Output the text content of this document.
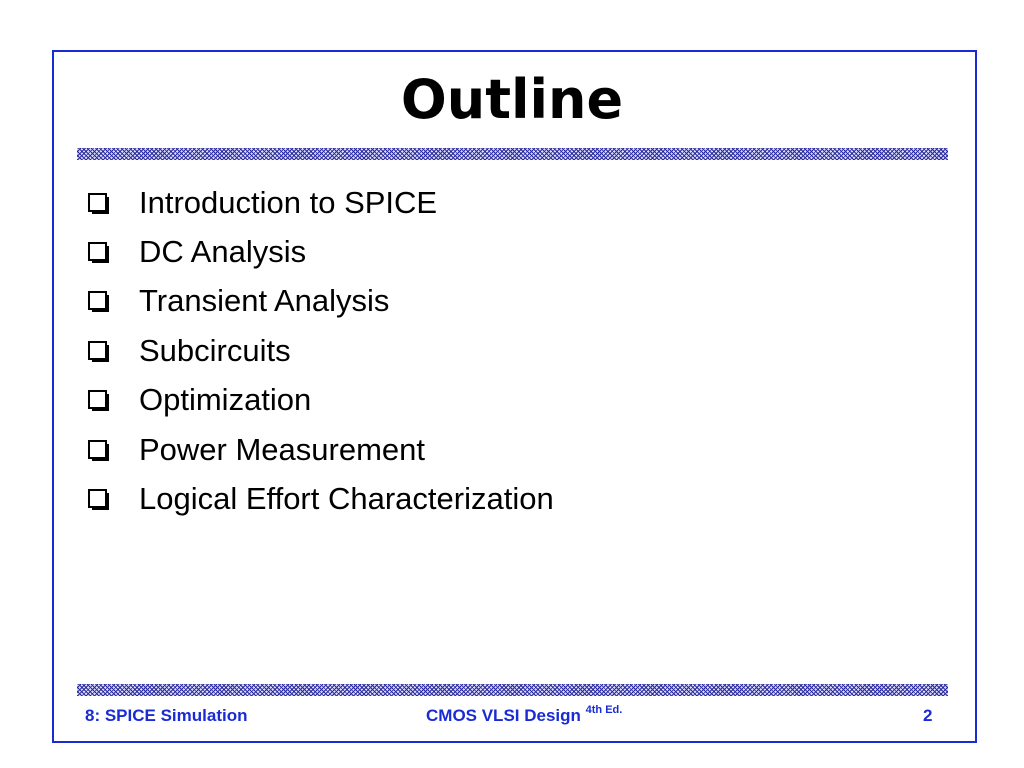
Outline
Introduction to SPICE
DC Analysis
Transient Analysis
Subcircuits
Optimization
Power Measurement
Logical Effort Characterization
8: SPICE Simulation	CMOS VLSI Design $^{4th Ed.}$	2
